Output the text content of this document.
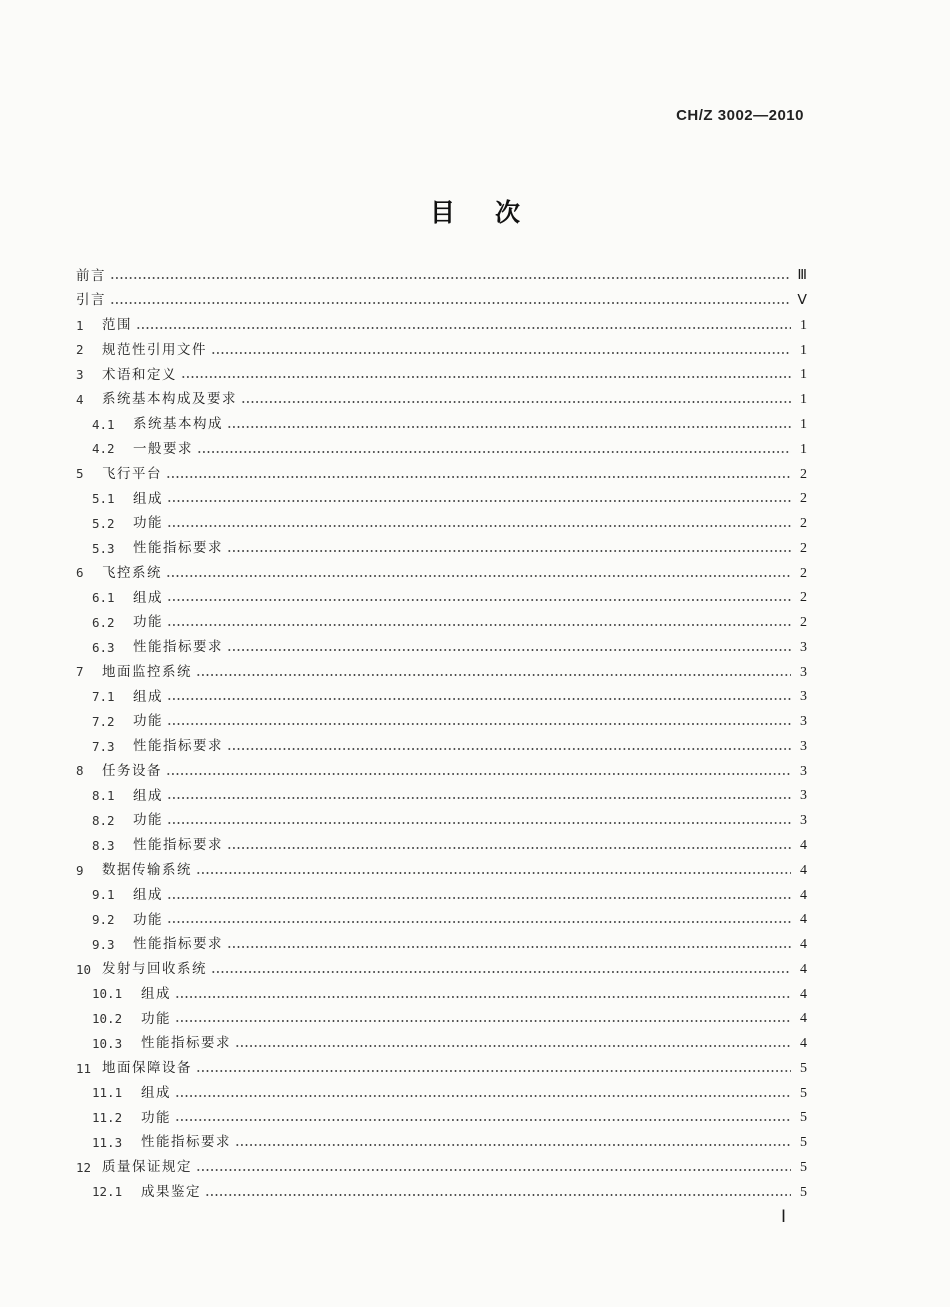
CH/Z 3002—2010
目次
前言	Ⅲ
引言	Ⅴ
1	范围	1
2	规范性引用文件	1
3	术语和定义	1
4	系统基本构成及要求	1
4.1	系统基本构成	1
4.2	一般要求	1
5	飞行平台	2
5.1	组成	2
5.2	功能	2
5.3	性能指标要求	2
6	飞控系统	2
6.1	组成	2
6.2	功能	2
6.3	性能指标要求	3
7	地面监控系统	3
7.1	组成	3
7.2	功能	3
7.3	性能指标要求	3
8	任务设备	3
8.1	组成	3
8.2	功能	3
8.3	性能指标要求	4
9	数据传输系统	4
9.1	组成	4
9.2	功能	4
9.3	性能指标要求	4
10 发射与回收系统	4
10.1	组成	4
10.2	功能	4
10.3	性能指标要求	4
11 地面保障设备	5
11.1	组成	5
11.2	功能	5
11.3	性能指标要求	5
12 质量保证规定	5
12.1	成果鉴定	5
Ⅰ
